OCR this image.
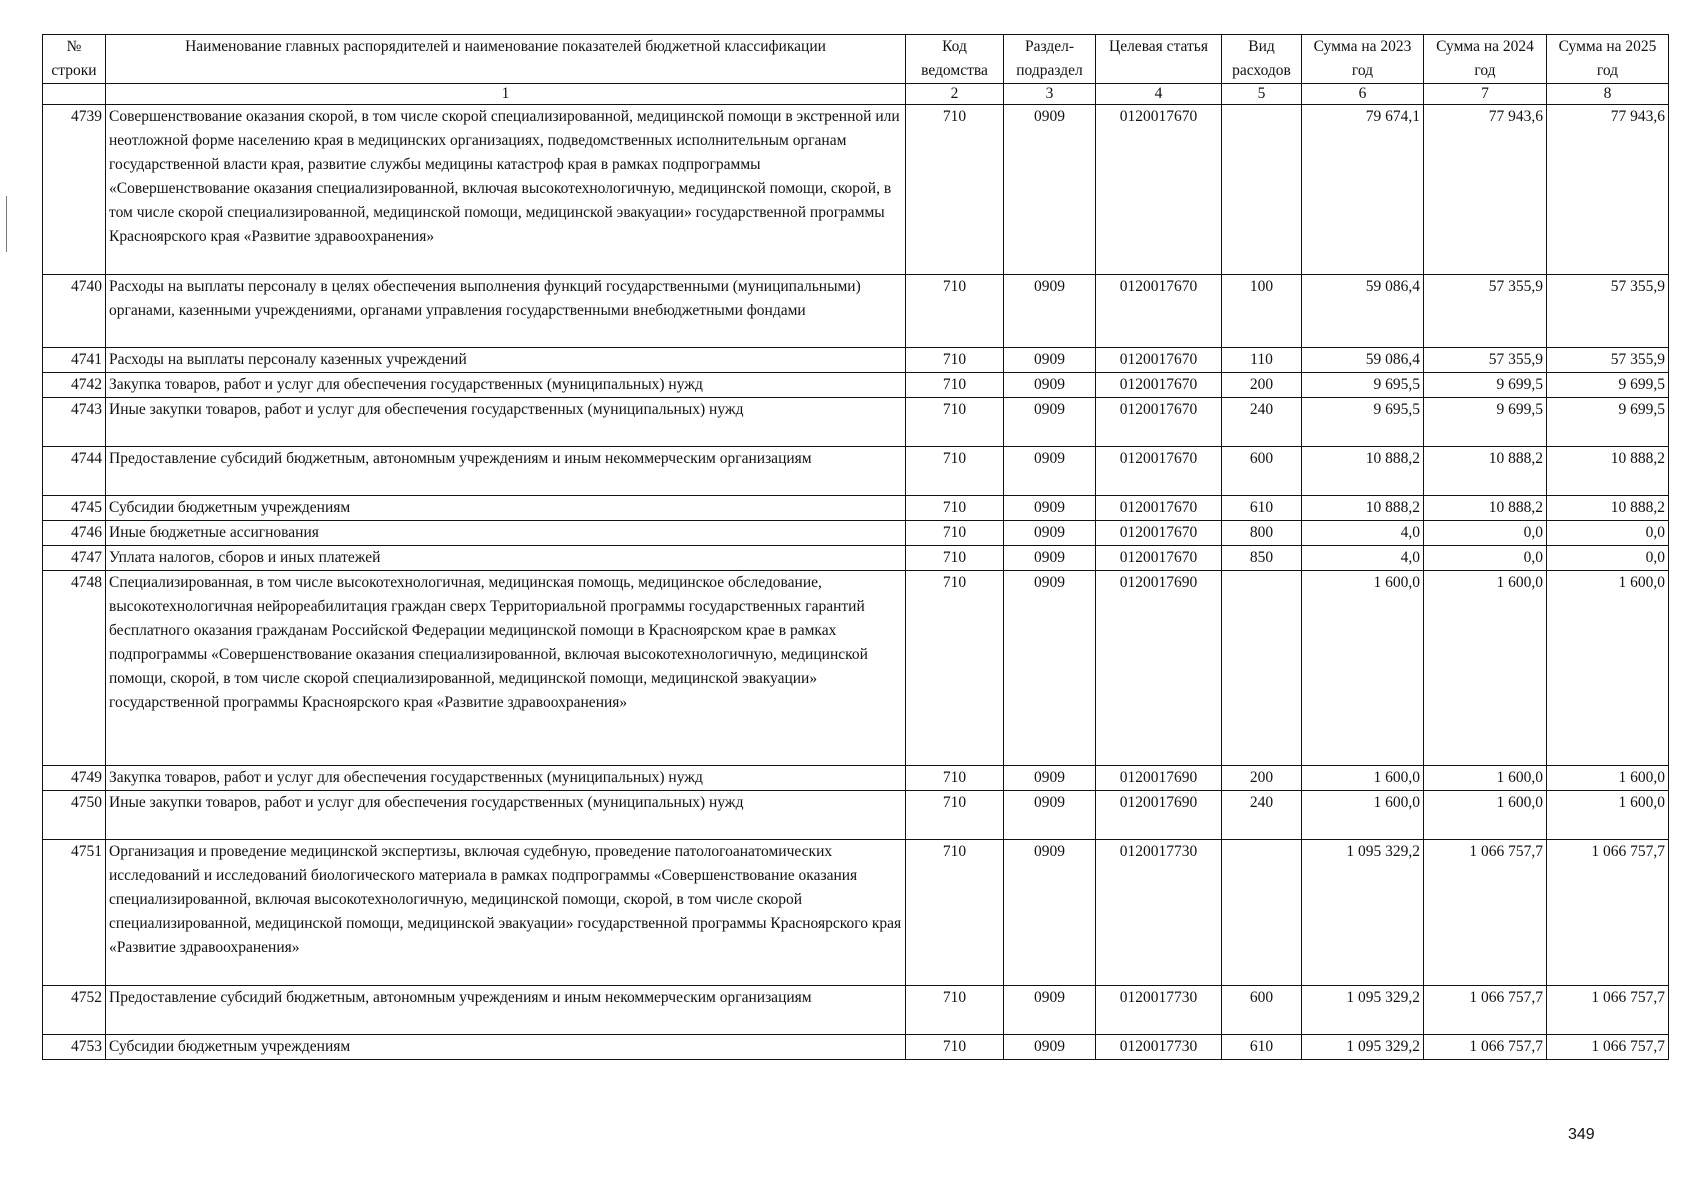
№ строки	Наименование главных распорядителей и наименование показателей бюджетной классификации	Код ведомства	Раздел-подраздел	Целевая статья	Вид расходов	Сумма на 2023 год	Сумма на 2024 год	Сумма на 2025 год
	1	2	3	4	5	6	7	8
4739	Совершенствование оказания скорой, в том числе скорой специализированной, медицинской помощи в экстренной или неотложной форме населению края в медицинских организациях, подведомственных исполнительным органам государственной власти края, развитие службы медицины катастроф края в рамках подпрограммы «Совершенствование оказания специализированной, включая высокотехнологичную, медицинской помощи, скорой, в том числе скорой специализированной, медицинской помощи, медицинской эвакуации» государственной программы Красноярского края «Развитие здравоохранения»	710	0909	0120017670		79 674,1	77 943,6	77 943,6
4740	Расходы на выплаты персоналу в целях обеспечения выполнения функций государственными (муниципальными) органами, казенными учреждениями, органами управления государственными внебюджетными фондами	710	0909	0120017670	100	59 086,4	57 355,9	57 355,9
4741	Расходы на выплаты персоналу казенных учреждений	710	0909	0120017670	110	59 086,4	57 355,9	57 355,9
4742	Закупка товаров, работ и услуг для обеспечения государственных (муниципальных) нужд	710	0909	0120017670	200	9 695,5	9 699,5	9 699,5
4743	Иные закупки товаров, работ и услуг для обеспечения государственных (муниципальных) нужд	710	0909	0120017670	240	9 695,5	9 699,5	9 699,5
4744	Предоставление субсидий бюджетным, автономным учреждениям и иным некоммерческим организациям	710	0909	0120017670	600	10 888,2	10 888,2	10 888,2
4745	Субсидии бюджетным учреждениям	710	0909	0120017670	610	10 888,2	10 888,2	10 888,2
4746	Иные бюджетные ассигнования	710	0909	0120017670	800	4,0	0,0	0,0
4747	Уплата налогов, сборов и иных платежей	710	0909	0120017670	850	4,0	0,0	0,0
4748	Специализированная, в том числе высокотехнологичная, медицинская помощь, медицинское обследование, высокотехнологичная нейрореабилитация граждан сверх Территориальной программы государственных гарантий бесплатного оказания гражданам Российской Федерации медицинской помощи в Красноярском крае в рамках подпрограммы «Совершенствование оказания специализированной, включая высокотехнологичную, медицинской помощи, скорой, в том числе скорой специализированной, медицинской помощи, медицинской эвакуации» государственной программы Красноярского края «Развитие здравоохранения»	710	0909	0120017690		1 600,0	1 600,0	1 600,0
4749	Закупка товаров, работ и услуг для обеспечения государственных (муниципальных) нужд	710	0909	0120017690	200	1 600,0	1 600,0	1 600,0
4750	Иные закупки товаров, работ и услуг для обеспечения государственных (муниципальных) нужд	710	0909	0120017690	240	1 600,0	1 600,0	1 600,0
4751	Организация и проведение медицинской экспертизы, включая судебную, проведение патологоанатомических исследований и исследований биологического материала в рамках подпрограммы «Совершенствование оказания специализированной, включая высокотехнологичную, медицинской помощи, скорой, в том числе скорой специализированной, медицинской помощи, медицинской эвакуации» государственной программы Красноярского края «Развитие здравоохранения»	710	0909	0120017730		1 095 329,2	1 066 757,7	1 066 757,7
4752	Предоставление субсидий бюджетным, автономным учреждениям и иным некоммерческим организациям	710	0909	0120017730	600	1 095 329,2	1 066 757,7	1 066 757,7
4753	Субсидии бюджетным учреждениям	710	0909	0120017730	610	1 095 329,2	1 066 757,7	1 066 757,7
349
